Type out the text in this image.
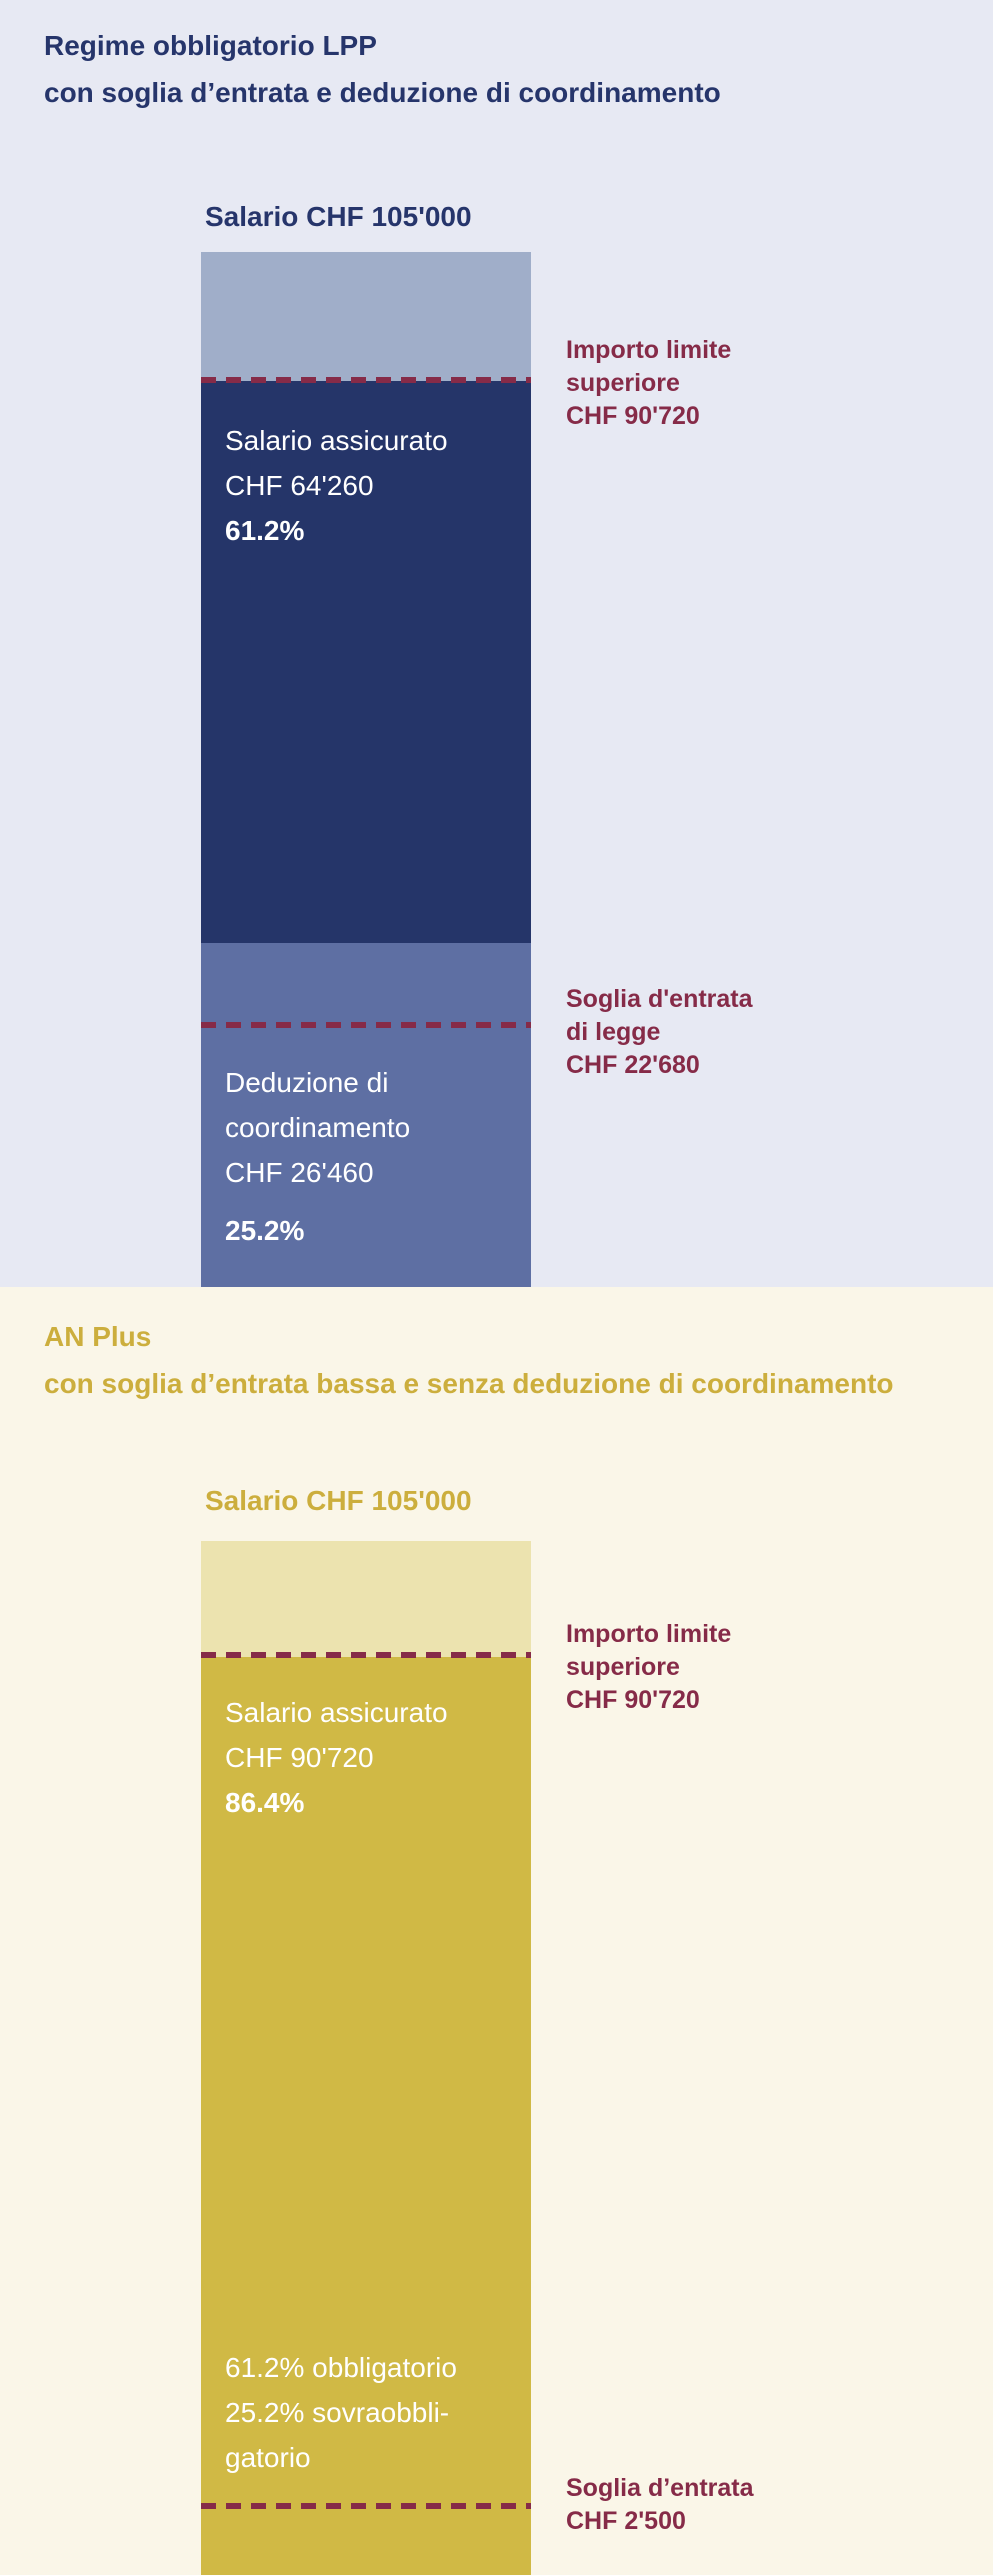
Regime obbligatorio LPP
con soglia d’entrata e deduzione di coordinamento
Salario CHF 105'000
Salario assicurato
CHF 64'260
61.2%
Deduzione di
coordinamento
CHF 26'460
25.2%
Importo limite
superiore
CHF 90'720
Soglia d'entrata
di legge
CHF 22'680
AN Plus
con soglia d’entrata bassa e senza deduzione di coordinamento
Salario CHF 105'000
Salario assicurato
CHF 90'720
86.4%
61.2% obbligatorio
25.2% sovraobbli-
gatorio
Importo limite
superiore
CHF 90'720
Soglia d’entrata
CHF 2'500
